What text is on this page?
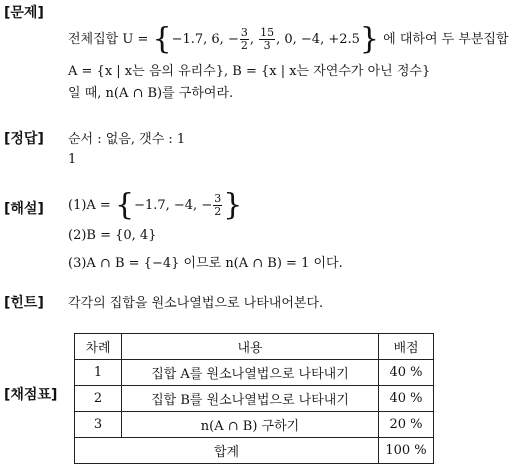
[문제]
전체집합 U = {−1.7, 6, − $\frac{3}{2}$ , $\frac{15}{3}$ , 0, −4, +2.5} 에 대하여 두 부분집합
A = {x | x는 음의 유리수}, B = {x | x는 자연수가 아닌 정수}
일 때, n(A ∩ B)를 구하여라.
[정답] 순서 : 없음, 갯수 : 1
1
[해설] (1)A = {−1.7, −4, − $\frac{3}{2}$ }
(2)B = {0, 4}
(3)A ∩ B = {−4} 이므로 n(A ∩ B) = 1 이다.
[힌트] 각각의 집합을 원소나열법으로 나타내어본다.
[채점표]
차례	내용	배점
1	집합 A를 원소나열법으로 나타내기	40 %
2	집합 B를 원소나열법으로 나타내기	40 %
3	n(A ∩ B) 구하기	20 %
합계		100 %
